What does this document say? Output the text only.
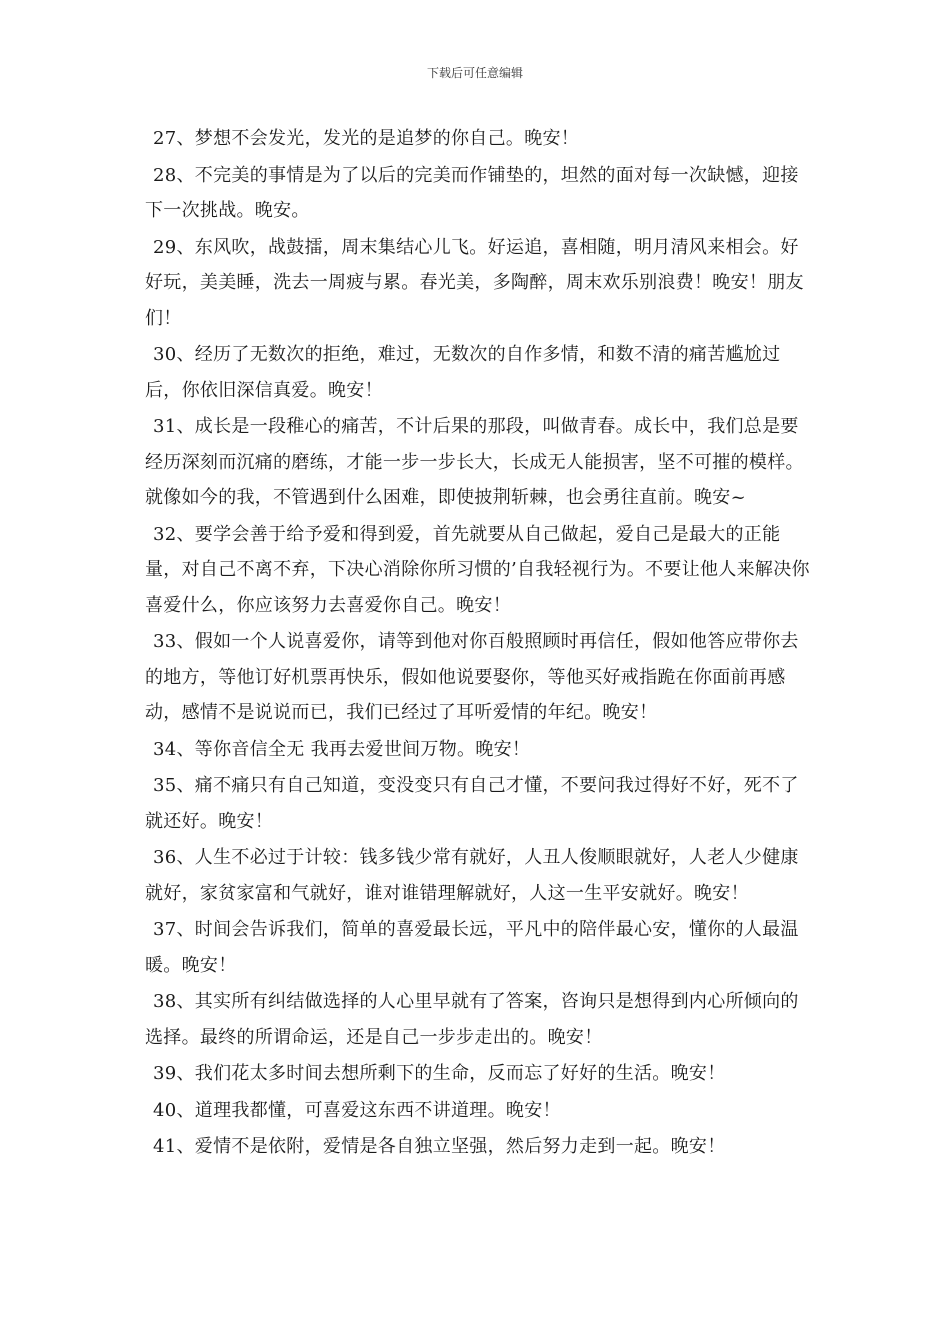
下载后可任意编辑

27、梦想不会发光，发光的是追梦的你自己。晚安！

28、不完美的事情是为了以后的完美而作铺垫的，坦然的面对每一次缺憾，迎接下一次挑战。晚安。

29、东风吹，战鼓擂，周末集结心儿飞。好运追，喜相随，明月清风来相会。好好玩，美美睡，洗去一周疲与累。春光美，多陶醉，周末欢乐别浪费！晚安！朋友们！

30、经历了无数次的拒绝，难过，无数次的自作多情，和数不清的痛苦尴尬过后，你依旧深信真爱。晚安！

31、成长是一段稚心的痛苦，不计后果的那段，叫做青春。成长中，我们总是要经历深刻而沉痛的磨练，才能一步一步长大，长成无人能损害，坚不可摧的模样。就像如今的我，不管遇到什么困难，即使披荆斩棘，也会勇往直前。晚安~

32、要学会善于给予爱和得到爱，首先就要从自己做起，爱自己是最大的正能量，对自己不离不弃，下决心消除你所习惯的’自我轻视行为。不要让他人来解决你喜爱什么，你应该努力去喜爱你自己。晚安！

33、假如一个人说喜爱你，请等到他对你百般照顾时再信任，假如他答应带你去的地方，等他订好机票再快乐，假如他说要娶你，等他买好戒指跪在你面前再感动，感情不是说说而已，我们已经过了耳听爱情的年纪。晚安！

34、等你音信全无 我再去爱世间万物。晚安！

35、痛不痛只有自己知道，变没变只有自己才懂，不要问我过得好不好，死不了就还好。晚安！

36、人生不必过于计较：钱多钱少常有就好，人丑人俊顺眼就好，人老人少健康就好，家贫家富和气就好，谁对谁错理解就好，人这一生平安就好。晚安！

37、时间会告诉我们，简单的喜爱最长远，平凡中的陪伴最心安，懂你的人最温暖。晚安！

38、其实所有纠结做选择的人心里早就有了答案，咨询只是想得到内心所倾向的选择。最终的所谓命运，还是自己一步步走出的。晚安！

39、我们花太多时间去想所剩下的生命，反而忘了好好的生活。晚安！

40、道理我都懂，可喜爱这东西不讲道理。晚安！

41、爱情不是依附，爱情是各自独立坚强，然后努力走到一起。晚安！
